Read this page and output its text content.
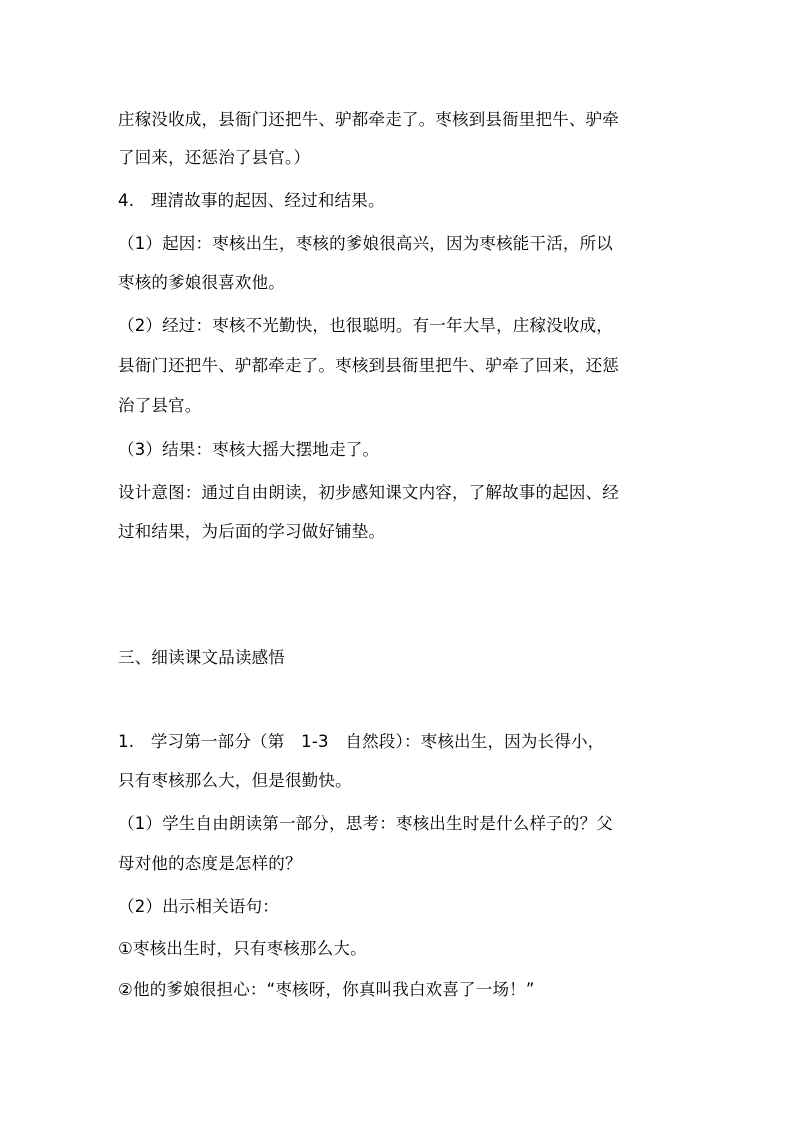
庄稼没收成，县衙门还把牛、驴都牵走了。枣核到县衙里把牛、驴牵
了回来，还惩治了县官。）
4.　理清故事的起因、经过和结果。
（1）起因：枣核出生，枣核的爹娘很高兴，因为枣核能干活，所以
枣核的爹娘很喜欢他。
（2）经过：枣核不光勤快，也很聪明。有一年大旱，庄稼没收成，
县衙门还把牛、驴都牵走了。枣核到县衙里把牛、驴牵了回来，还惩
治了县官。
（3）结果：枣核大摇大摆地走了。
设计意图：通过自由朗读，初步感知课文内容，了解故事的起因、经
过和结果，为后面的学习做好铺垫。
三、细读课文品读感悟
1.　学习第一部分（第　1-3　自然段）：枣核出生，因为长得小，
只有枣核那么大，但是很勤快。
（1）学生自由朗读第一部分，思考：枣核出生时是什么样子的？父
母对他的态度是怎样的？
（2）出示相关语句：
①枣核出生时，只有枣核那么大。
②他的爹娘很担心：“枣核呀，你真叫我白欢喜了一场！”
